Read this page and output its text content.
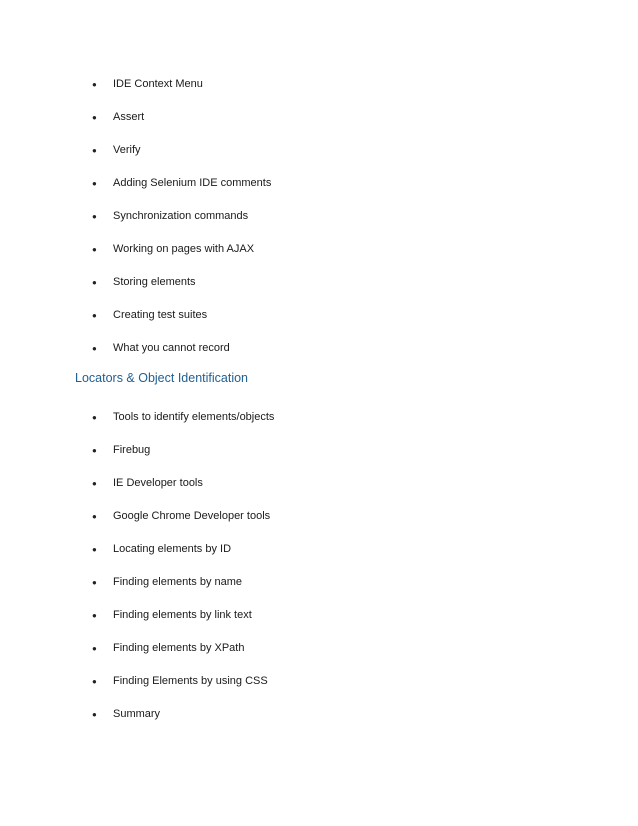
● IDE Context Menu
● Assert
● Verify
● Adding Selenium IDE comments
● Synchronization commands
● Working on pages with AJAX
● Storing elements
● Creating test suites
● What you cannot record
Locators & Object Identification
● Tools to identify elements/objects
● Firebug
● IE Developer tools
● Google Chrome Developer tools
● Locating elements by ID
● Finding elements by name
● Finding elements by link text
● Finding elements by XPath
● Finding Elements by using CSS
● Summary
